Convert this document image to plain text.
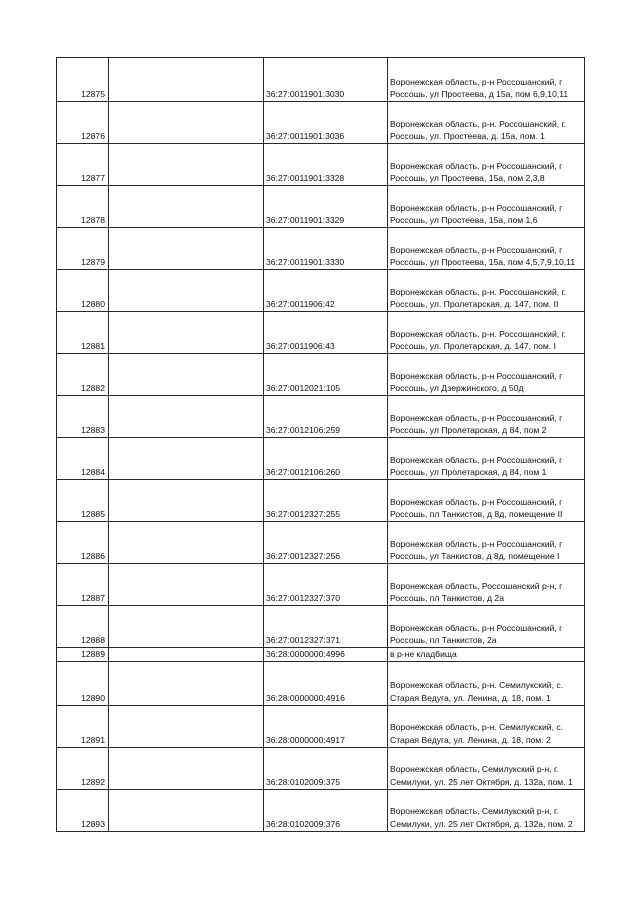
12875		36:27:0011901:3030	Воронежская область, р-н Россошанский, г Россошь, ул Простеева, д 15а, пом 6,9,10,11
12876		36:27:0011901:3036	Воронежская область, р-н. Россошанский, г. Россошь, ул. Простеева, д. 15а, пом. 1
12877		36:27:0011901:3328	Воронежская область, р-н Россошанский, г Россошь, ул Простеева, 15а, пом 2,3,8
12878		36:27:0011901:3329	Воронежская область, р-н Россошанский, г Россошь, ул Простеева, 15а, пом 1,6
12879		36:27:0011901:3330	Воронежская область, р-н Россошанский, г Россошь, ул Простеева, 15а, пом 4,5,7,9,10,11
12880		36:27:0011906:42	Воронежская область, р-н. Россошанский, г. Россошь, ул. Пролетарская, д. 147, пом. II
12881		36:27:0011906:43	Воронежская область, р-н. Россошанский, г. Россошь, ул. Пролетарская, д. 147, пом. I
12882		36:27:0012021:105	Воронежская область, р-н Россошанский, г Россошь, ул Дзержинского, д 50д
12883		36:27:0012106:259	Воронежская область, р-н Россошанский, г Россошь, ул Пролетарская, д 84, пом 2
12884		36:27:0012106:260	Воронежская область, р-н Россошанский, г Россошь, ул Пролетарская, д 84, пом 1
12885		36:27:0012327:255	Воронежская область, р-н Россошанский, г Россошь, пл Танкистов, д 8д, помещение II
12886		36:27:0012327:256	Воронежская область, р-н Россошанский, г Россошь, ул Танкистов, д 8д, помещение I
12887		36:27:0012327:370	Воронежская область, Россошанский р-н, г Россошь, пл Танкистов, д 2а
12888		36:27:0012327:371	Воронежская область, р-н Россошанский, г Россошь, пл Танкистов, 2а
12889		36:28:0000000:4996	в р-не кладбища
12890		36:28:0000000:4916	Воронежская область, р-н. Семилукский, с. Старая Ведуга, ул. Ленина, д. 18, пом. 1
12891		36:28:0000000:4917	Воронежская область, р-н. Семилукский, с. Старая Ведуга, ул. Ленина, д. 18, пом. 2
12892		36:28:0102009:375	Воронежская область, Семилукский р-н, г. Семилуки, ул. 25 лет Октября, д. 132а, пом. 1
12893		36:28:0102009:376	Воронежская область, Семилукский р-н, г. Семилуки, ул. 25 лет Октября, д. 132а, пом. 2
